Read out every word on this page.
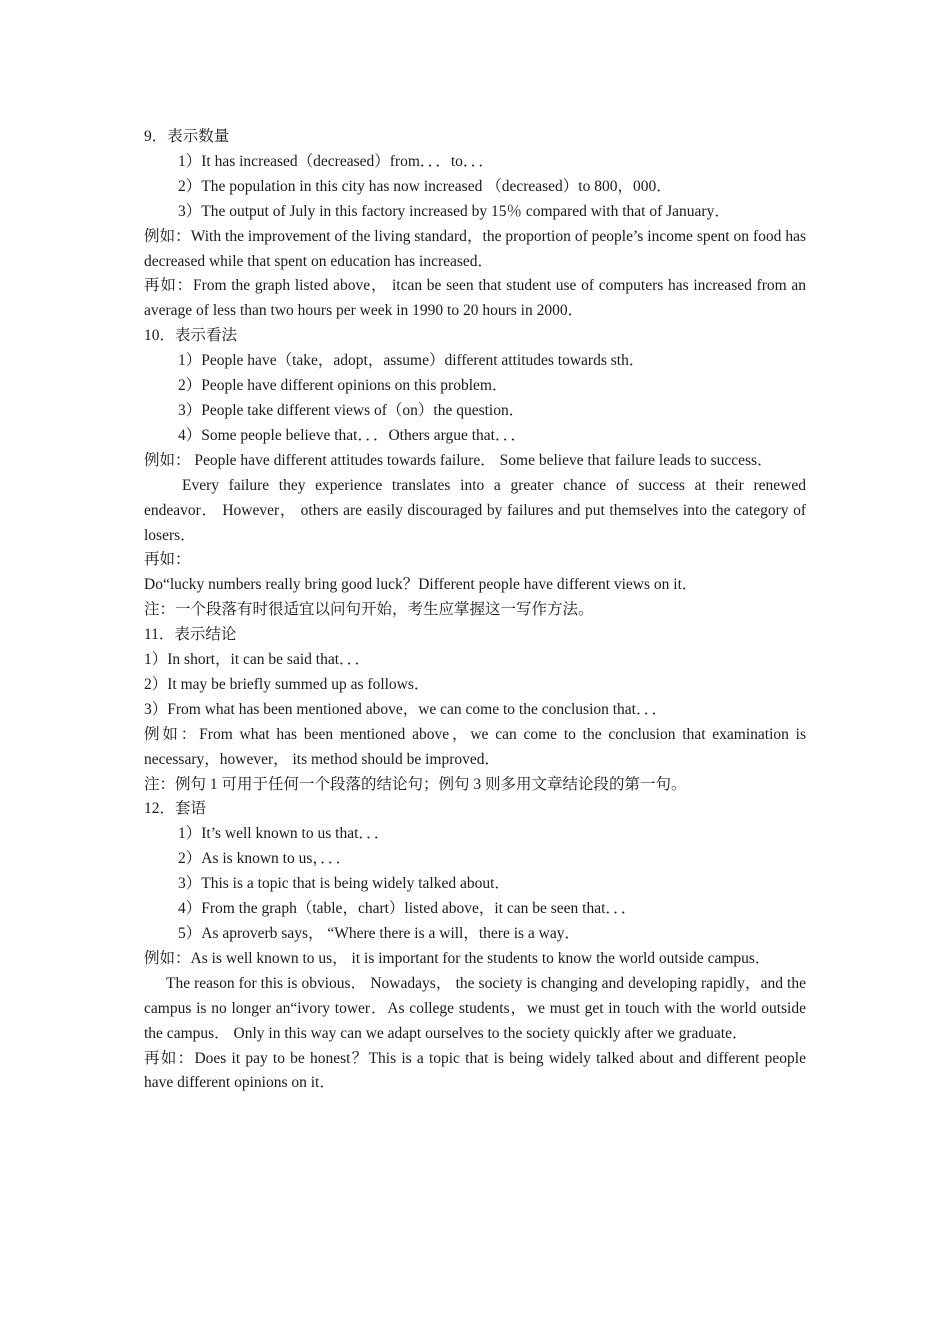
9．表示数量
1）It has increased（decreased）from．．．to．．．
2）The population in this city has now increased （decreased）to 800，000．
3）The output of July in this factory increased by 15％ compared with that of January．
例如：With the improvement of the living standard，the proportion of people’s income spent on food has decreased while that spent on education has increased．
再如：From the graph listed above， itcan be seen that student use of computers has increased from an average of less than two hours per week in 1990 to 20 hours in 2000．
10．表示看法
1）People have（take，adopt，assume）different attitudes towards sth．
2）People have different opinions on this problem．
3）People take different views of（on）the question．
4）Some people believe that．．．Others argue that．．．
例如： People have different attitudes towards failure． Some believe that failure leads to success．
Every failure they experience translates into a greater chance of success at their renewed endeavor． However， others are easily discouraged by failures and put themselves into the category of losers．
再如：
Do“lucky numbers really bring good luck？Different people have different views on it．
注：一个段落有时很适宜以问句开始，考生应掌握这一写作方法。
11．表示结论
1）In short，it can be said that．．．
2）It may be briefly summed up as follows．
3）From what has been mentioned above，we can come to the conclusion that．．．
例如：From what has been mentioned above，we can come to the conclusion that examination is necessary，however， its method should be improved．
注：例句 1 可用于任何一个段落的结论句；例句 3 则多用文章结论段的第一句。
12．套语
1）It’s well known to us that．．．
2）As is known to us，．．．
3）This is a topic that is being widely talked about．
4）From the graph（table，chart）listed above，it can be seen that．．．
5）As aproverb says， “Where there is a will，there is a way．
例如：As is well known to us， it is important for the students to know the world outside campus．
The reason for this is obvious． Nowadays， the society is changing and developing rapidly，and the campus is no longer an“ivory tower．As college students，we must get in touch with the world outside the campus． Only in this way can we adapt ourselves to the society quickly after we graduate．
再如：Does it pay to be honest？This is a topic that is being widely talked about and different people have different opinions on it．
